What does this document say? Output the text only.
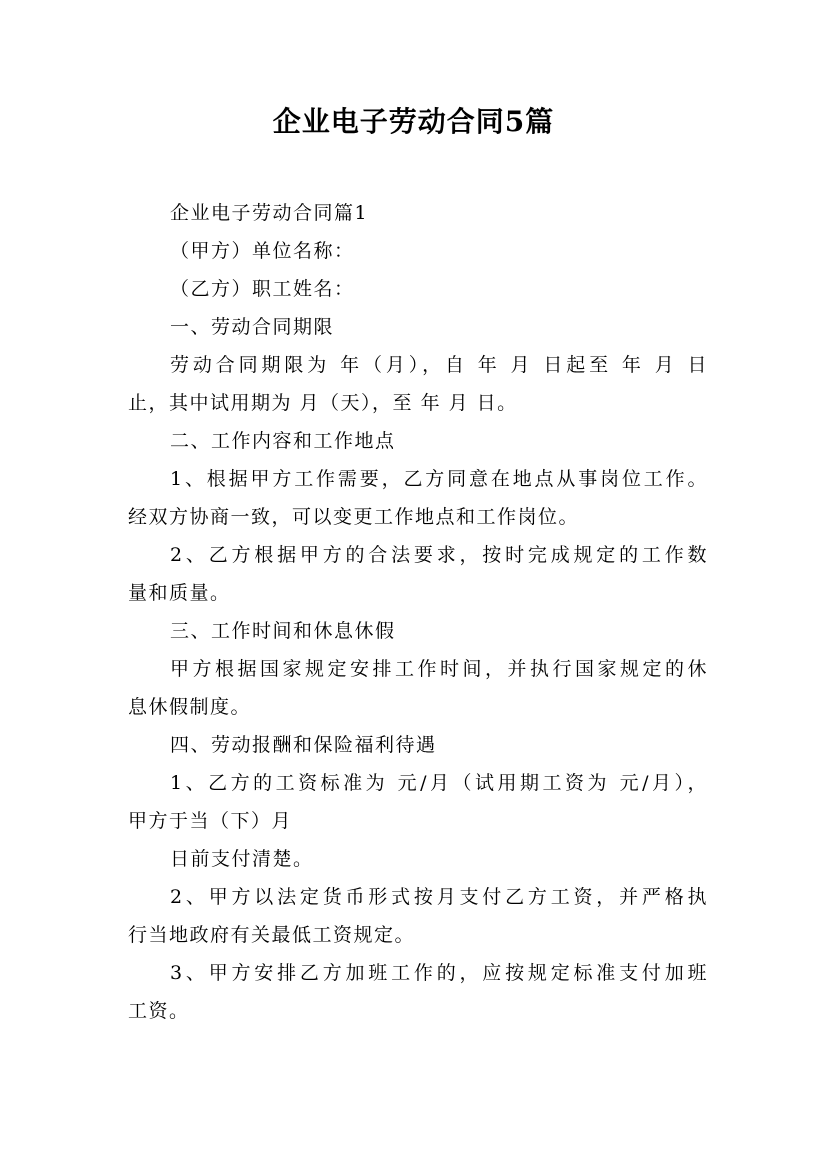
企业电子劳动合同5篇
企业电子劳动合同篇1
（甲方）单位名称：
（乙方）职工姓名：
一、劳动合同期限
劳动合同期限为 年（月），自 年 月 日起至 年 月 日
止，其中试用期为 月（天），至 年 月 日。
二、工作内容和工作地点
1、根据甲方工作需要，乙方同意在地点从事岗位工作。
经双方协商一致，可以变更工作地点和工作岗位。
2、乙方根据甲方的合法要求，按时完成规定的工作数
量和质量。
三、工作时间和休息休假
甲方根据国家规定安排工作时间，并执行国家规定的休
息休假制度。
四、劳动报酬和保险福利待遇
1、乙方的工资标准为 元/月（试用期工资为 元/月），
甲方于当（下）月
日前支付清楚。
2、甲方以法定货币形式按月支付乙方工资，并严格执
行当地政府有关最低工资规定。
3、甲方安排乙方加班工作的，应按规定标准支付加班
工资。
